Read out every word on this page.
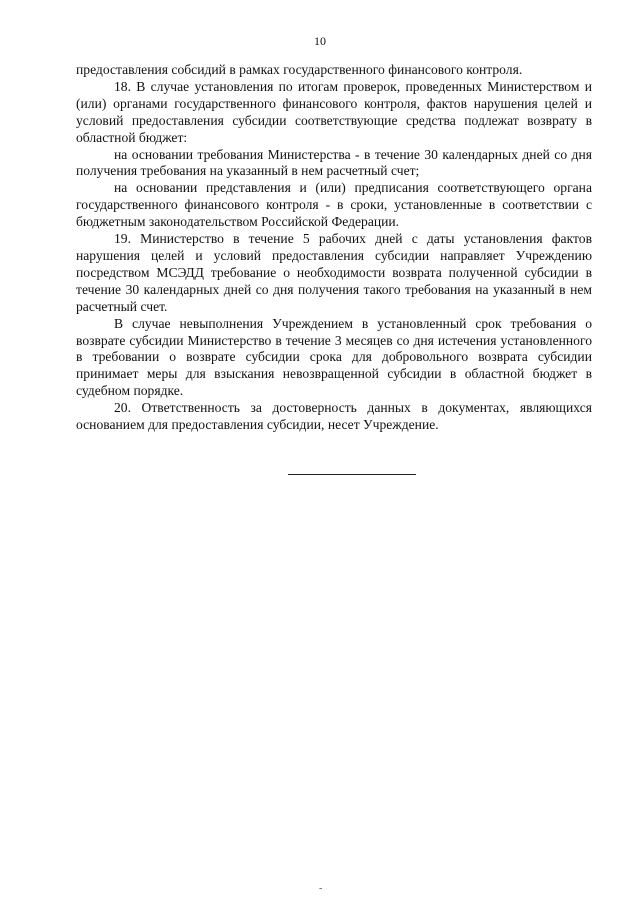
10

предоставления собсидий в рамках государственного финансового контроля.

18. В случае установления по итогам проверок, проведенных Министерством и (или) органами государственного финансового контроля, фактов нарушения целей и условий предоставления субсидии соответствующие средства подлежат возврату в областной бюджет:

на основании требования Министерства - в течение 30 календарных дней со дня получения требования на указанный в нем расчетный счет;

на основании представления и (или) предписания соответствующего органа государственного финансового контроля - в сроки, установленные в соответствии с бюджетным законодательством Российской Федерации.

19. Министерство в течение 5 рабочих дней с даты установления фактов нарушения целей и условий предоставления субсидии направляет Учреждению посредством МСЭДД требование о необходимости возврата полученной субсидии в течение 30 календарных дней со дня получения такого требования на указанный в нем расчетный счет.

В случае невыполнения Учреждением в установленный срок требования о возврате субсидии Министерство в течение 3 месяцев со дня истечения установленного в требовании о возврате субсидии срока для добровольного возврата субсидии принимает меры для взыскания невозвращенной субсидии в областной бюджет в судебном порядке.

20. Ответственность за достоверность данных в документах, являющихся основанием для предоставления субсидии, несет Учреждение.

-
